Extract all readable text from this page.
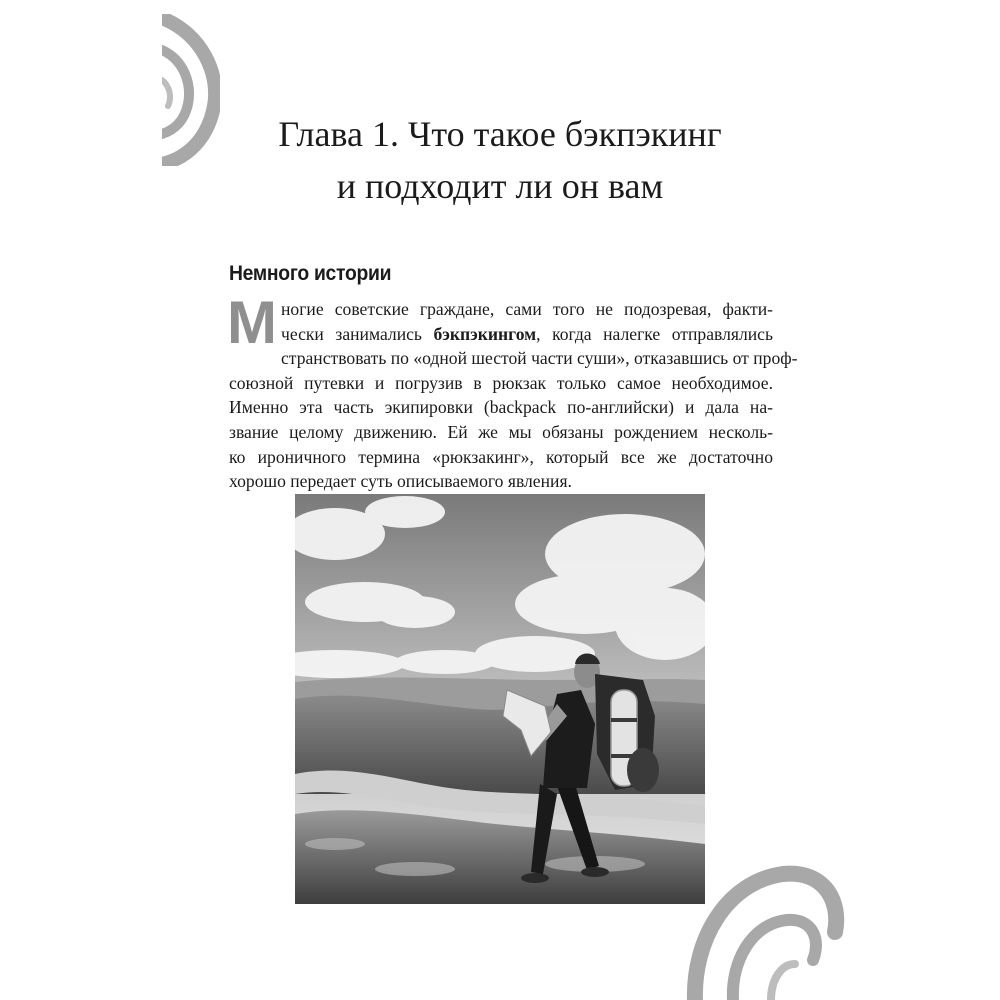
Глава 1. Что такое бэкпэкинг
и подходит ли он вам
Немного истории

М ногие советские граждане, сами того не подозревая, факти-
чески занимались бэкпэкингом, когда налегке отправлялись
странствовать по «одной шестой части суши», отказавшись от проф-
союзной путевки и погрузив в рюкзак только самое необходимое.
Именно эта часть экипировки (backpack по-английски) и дала на-
звание целому движению. Ей же мы обязаны рождением несколь-
ко ироничного термина «рюкзакинг», который все же достаточно
хорошо передает суть описываемого явления.
